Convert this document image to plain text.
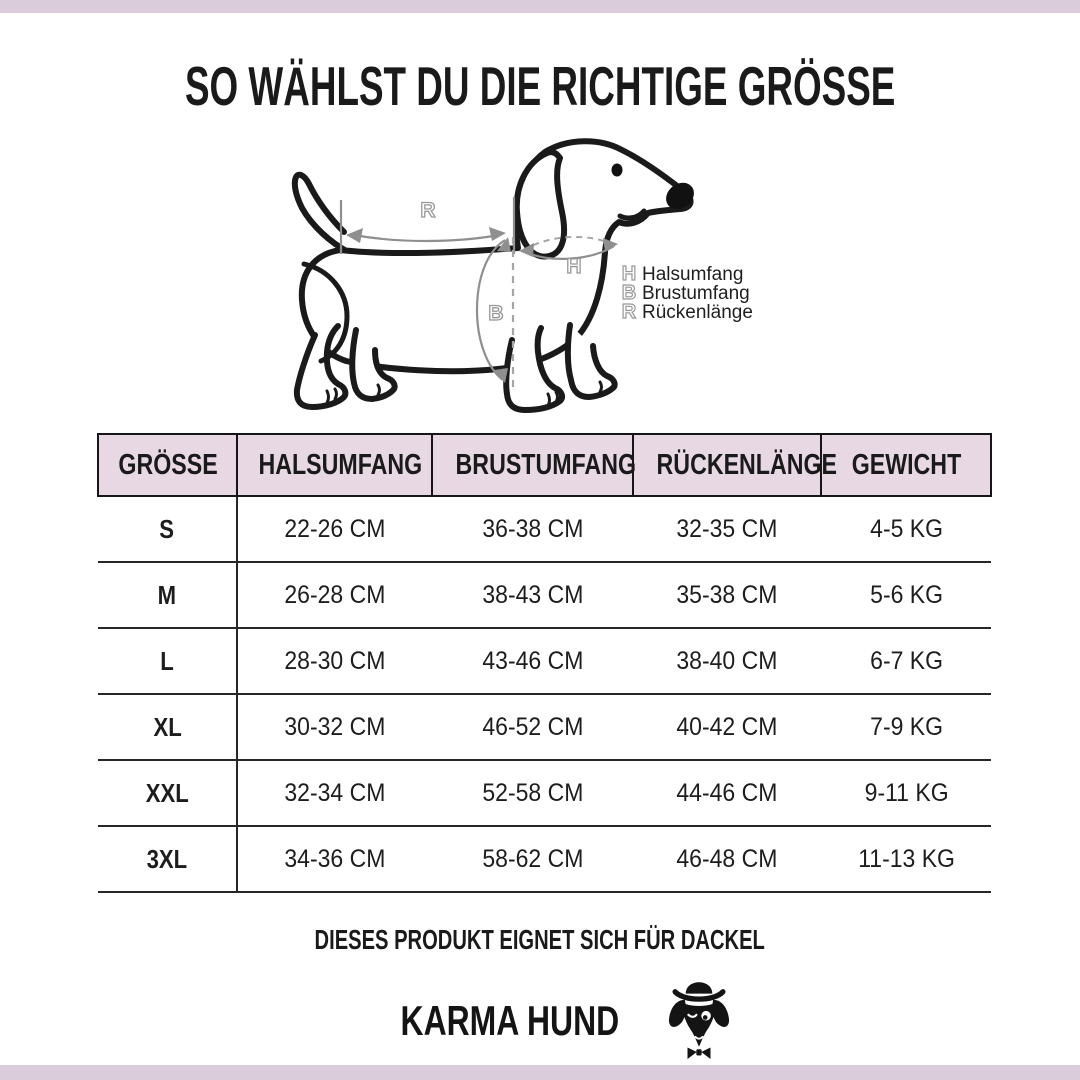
SO WÄHLST DU DIE RICHTIGE GRÖSSE
R
H
B
H
B
R
Halsumfang
Brustumfang
Rückenlänge
GRÖSSE	HALSUMFANG	BRUSTUMFANG	RÜCKENLÄNGE	GEWICHT
S	22-26 CM	36-38 CM	32-35 CM	4-5 KG
M	26-28 CM	38-43 CM	35-38 CM	5-6 KG
L	28-30 CM	43-46 CM	38-40 CM	6-7 KG
XL	30-32 CM	46-52 CM	40-42 CM	7-9 KG
XXL	32-34 CM	52-58 CM	44-46 CM	9-11 KG
3XL	34-36 CM	58-62 CM	46-48 CM	11-13 KG
DIESES PRODUKT EIGNET SICH FÜR DACKEL
KARMA HUND
